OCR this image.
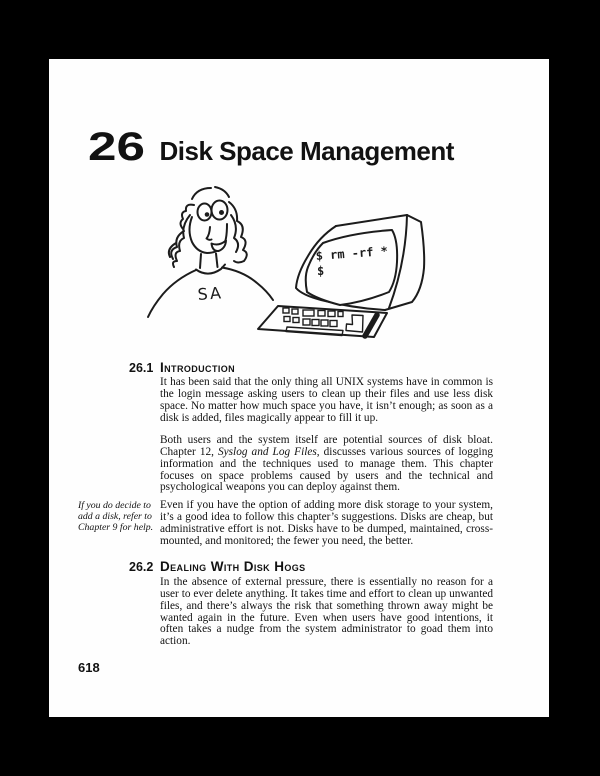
26 Disk Space Management
$ rm -rf *
$
SA
26.1 Introduction

It has been said that the only thing all UNIX systems have in common is the login message asking users to clean up their files and use less disk space. No matter how much space you have, it isn’t enough; as soon as a disk is added, files magically appear to fill it up.

Both users and the system itself are potential sources of disk bloat. Chapter 12, Syslog and Log Files, discusses various sources of logging information and the techniques used to manage them. This chapter focuses on space problems caused by users and the technical and psychological weapons you can deploy against them.

If you do decide to add a disk, refer to Chapter 9 for help.

Even if you have the option of adding more disk storage to your system, it’s a good idea to follow this chapter’s suggestions. Disks are cheap, but administrative effort is not. Disks have to be dumped, maintained, cross-mounted, and monitored; the fewer you need, the better.

26.2 Dealing With Disk Hogs

In the absence of external pressure, there is essentially no reason for a user to ever delete anything. It takes time and effort to clean up unwanted files, and there’s always the risk that something thrown away might be wanted again in the future. Even when users have good intentions, it often takes a nudge from the system administrator to goad them into action.

618
